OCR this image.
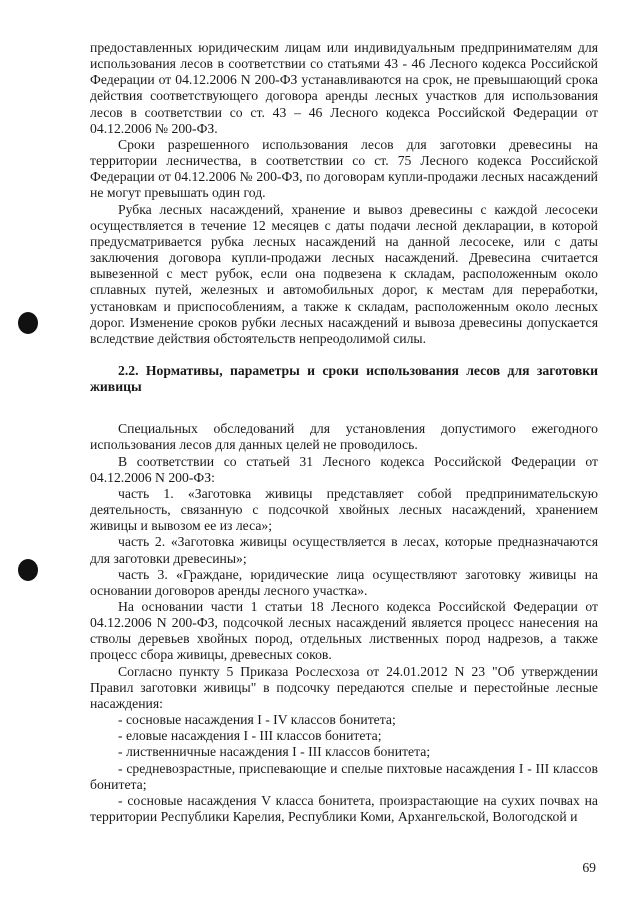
предоставленных юридическим лицам или индивидуальным предпринимателям для использования лесов в соответствии со статьями 43 - 46 Лесного кодекса Российской Федерации от 04.12.2006 N 200-ФЗ устанавливаются на срок, не превышающий срока действия соответствующего договора аренды лесных участков для использования лесов в соответствии со ст. 43 – 46 Лесного кодекса Российской Федерации от 04.12.2006 № 200-ФЗ.

Сроки разрешенного использования лесов для заготовки древесины на территории лесничества, в соответствии со ст. 75 Лесного кодекса Российской Федерации от 04.12.2006 № 200-ФЗ, по договорам купли-продажи лесных насаждений не могут превышать один год.

Рубка лесных насаждений, хранение и вывоз древесины с каждой лесосеки осуществляется в течение 12 месяцев с даты подачи лесной декларации, в которой предусматривается рубка лесных насаждений на данной лесосеке, или с даты заключения договора купли-продажи лесных насаждений. Древесина считается вывезенной с мест рубок, если она подвезена к складам, расположенным около сплавных путей, железных и автомобильных дорог, к местам для переработки, установкам и приспособлениям, а также к складам, расположенным около лесных дорог. Изменение сроков рубки лесных насаждений и вывоза древесины допускается вследствие действия обстоятельств непреодолимой силы.

2.2. Нормативы, параметры и сроки использования лесов для заготовки живицы

Специальных обследований для установления допустимого ежегодного использования лесов для данных целей не проводилось.

В соответствии со статьей 31 Лесного кодекса Российской Федерации от 04.12.2006 N 200-ФЗ:

часть 1. «Заготовка живицы представляет собой предпринимательскую деятельность, связанную с подсочкой хвойных лесных насаждений, хранением живицы и вывозом ее из леса»;

часть 2. «Заготовка живицы осуществляется в лесах, которые предназначаются для заготовки древесины»;

часть 3. «Граждане, юридические лица осуществляют заготовку живицы на основании договоров аренды лесного участка».

На основании части 1 статьи 18 Лесного кодекса Российской Федерации от 04.12.2006 N 200-ФЗ, подсочкой лесных насаждений является процесс нанесения на стволы деревьев хвойных пород, отдельных лиственных пород надрезов, а также процесс сбора живицы, древесных соков.

Согласно пункту 5 Приказа Рослесхоза от 24.01.2012 N 23 "Об утверждении Правил заготовки живицы" в подсочку передаются спелые и перестойные лесные насаждения:

- сосновые насаждения I - IV классов бонитета;

- еловые насаждения I - III классов бонитета;

- лиственничные насаждения I - III классов бонитета;

- средневозрастные, приспевающие и спелые пихтовые насаждения I - III классов бонитета;

- сосновые насаждения V класса бонитета, произрастающие на сухих почвах на территории Республики Карелия, Республики Коми, Архангельской, Вологодской и

69
